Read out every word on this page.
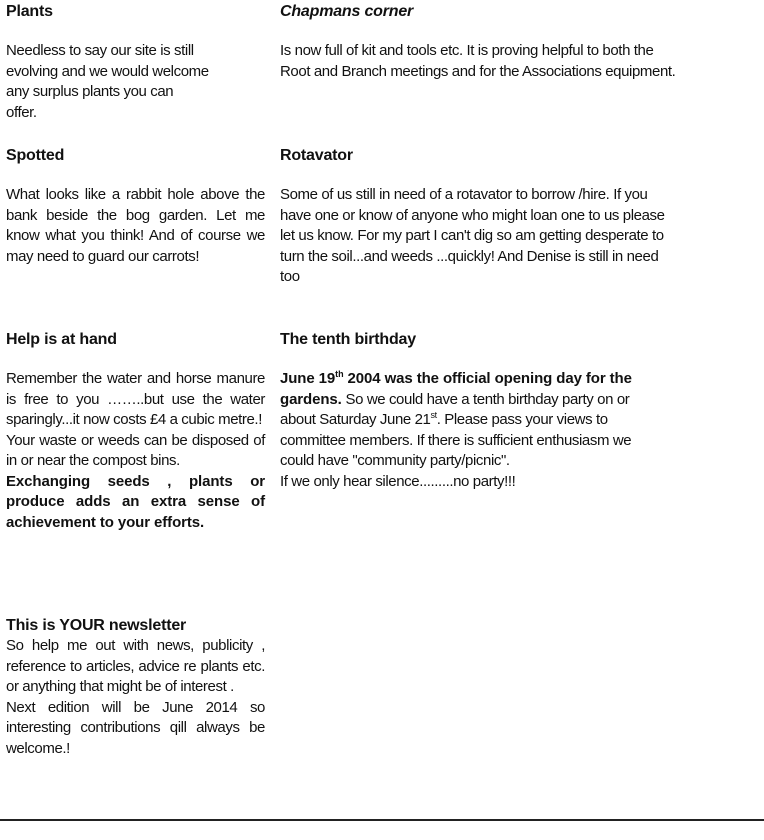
Plants

Needless to say our site is still

evolving and we would welcome

any surplus plants you can

offer.

Spotted

What looks like a rabbit hole above the bank beside the bog garden. Let me know what you think! And of course we may need to guard our carrots!

Help is at hand

Remember the water and horse manure is free to you ……..but use the water sparingly...it now costs £4 a cubic metre.!

Your waste or weeds can be disposed of in or near the compost bins.

Exchanging seeds , plants or produce adds an extra sense of achievement to your efforts.

This is YOUR newsletter

So help me out with news, publicity , reference to articles, advice re plants etc. or anything that might be of interest .

Next edition will be June 2014 so interesting contributions qill always be welcome.!

Chapmans corner

Is now full of kit and tools etc. It is proving helpful to both the

Root and Branch meetings and for the Associations equipment.

Rotavator

Some of us still in need of a rotavator to borrow /hire. If you

have one or know of anyone who might loan one to us please

let us know. For my part I can't dig so am getting desperate to

turn the soil...and weeds ...quickly! And Denise is still in need

too

The tenth birthday

June 19th 2004 was the official opening day for the

gardens. So we could have a tenth birthday party on or

about Saturday June 21st. Please pass your views to

committee members. If there is sufficient enthusiasm we

could have "community party/picnic".

If we only hear silence.........no party!!!
